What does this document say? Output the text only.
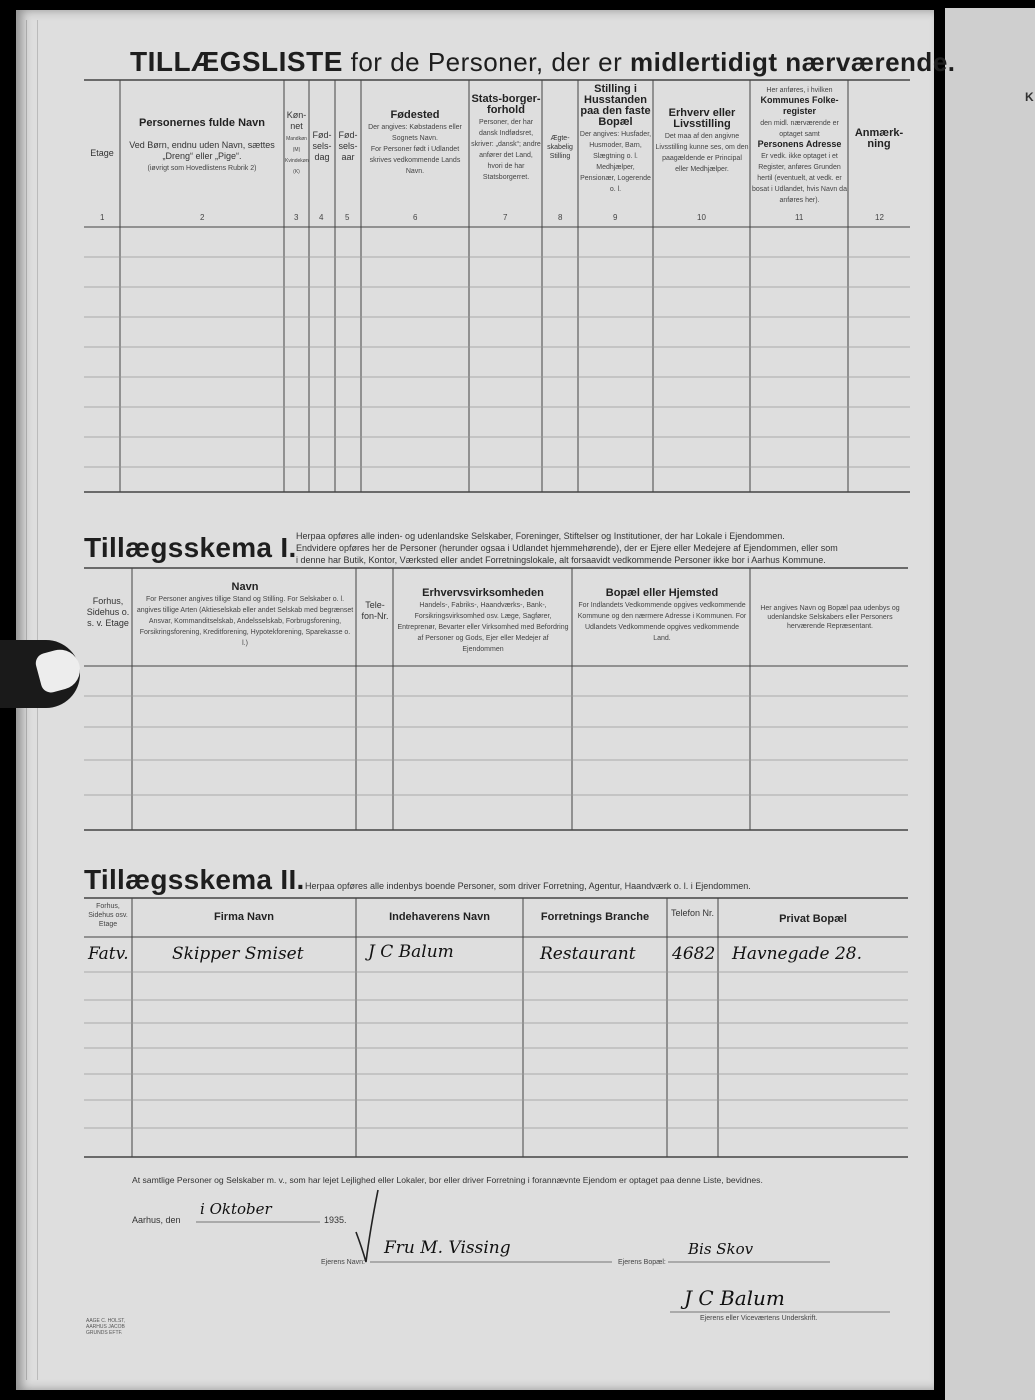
K
TILLÆGSLISTE for de Personer, der er midlertidigt nærværende.
Etage
Personernes fulde Navn

Ved Børn, endnu uden Navn, sættes „Dreng“ eller „Pige“.
(iøvrigt som Hovedlistens Rubrik 2)
Køn-net
Mandkøn (M) Kvindekøn (K)
Fød-sels-dag
Fød-sels-aar
Fødested
Der angives: Købstadens eller Sognets Navn.
For Personer født i Udlandet skrives vedkommende Lands Navn.
Stats-borger-forhold
Personer, der har dansk Indfødsret, skriver: „dansk“; andre anfører det Land, hvori de har Statsborgerret.
Ægte-skabelig Stilling
Stilling i Husstanden paa den faste Bopæl
Der angives: Husfader, Husmoder, Barn, Slægtning o. l. Medhjælper, Pensionær, Logerende o. l.
Erhverv eller Livsstilling
Det maa af den angivne Livsstilling kunne ses, om den paagældende er Principal eller Medhjælper.
Her anføres, i hvilken
Kommunes Folke-register
den midl. nærværende er optaget samt
Personens Adresse
Er vedk. ikke optaget i et Register, anføres Grunden hertil (eventuelt, at vedk. er bosat i Udlandet, hvis Navn da anføres her).
Anmærk-ning
1	2	3	4	5	6	7	8	9	10	11	12
Tillægsskema I. Herpaa opføres alle inden- og udenlandske Selskaber, Foreninger, Stiftelser og Institutioner, der har Lokale i Ejendommen.
Endvidere opføres her de Personer (herunder ogsaa i Udlandet hjemmehørende), der er Ejere eller Medejere af Ejendommen, eller som
i denne har Butik, Kontor, Værksted eller andet Forretningslokale, alt forsaavidt vedkommende Personer ikke bor i Aarhus Kommune.
Forhus, Sidehus o. s. v. Etage
Navn
For Personer angives tillige Stand og Stilling. For Selskaber o. l. angives tillige Arten (Aktieselskab eller andet Selskab med begrænset Ansvar, Kommanditselskab, Andelsselskab, Forbrugsforening, Forsikringsforening, Kreditforening, Hypotekforening, Sparekasse o. l.)
Tele-fon-Nr.
Erhvervsvirksomheden
Handels-, Fabriks-, Haandværks-, Bank-, Forsikringsvirksomhed osv. Læge, Sagfører, Entreprenør, Bevarter eller Virksomhed med Befordring af Personer og Gods, Ejer eller Medejer af Ejendommen
Bopæl eller Hjemsted
For Indlandets Vedkommende opgives vedkommende Kommune og den nærmere Adresse i Kommunen. For Udlandets Vedkommende opgives vedkommende Land.
Her angives Navn og Bopæl paa udenbys og udenlandske Selskabers eller Personers herværende Repræsentant.
Tillægsskema II. Herpaa opføres alle indenbys boende Personer, som driver Forretning, Agentur, Haandværk o. l. i Ejendommen.
Forhus, Sidehus osv. Etage
Firma Navn	Indehaverens Navn	Forretnings Branche	Telefon Nr.	Privat Bopæl
Fatv.	Skipper Smiset	J C Balum	Restaurant 4682 Havnegade 28.
At samtlige Personer og Selskaber m. v., som har lejet Lejlighed eller Lokaler, bor eller driver Forretning i forannævnte Ejendom er optaget paa denne Liste, bevidnes.
Aarhus, den
i Oktober
1935.
Ejerens Navn:
Fru M. Vissing
Ejerens Bopæl:
Bis Skov
J C Balum
Ejerens eller Viceværtens Underskrift.
AAGE C. HOLST, AARHUS JACOB GRUNDS EFTF.
